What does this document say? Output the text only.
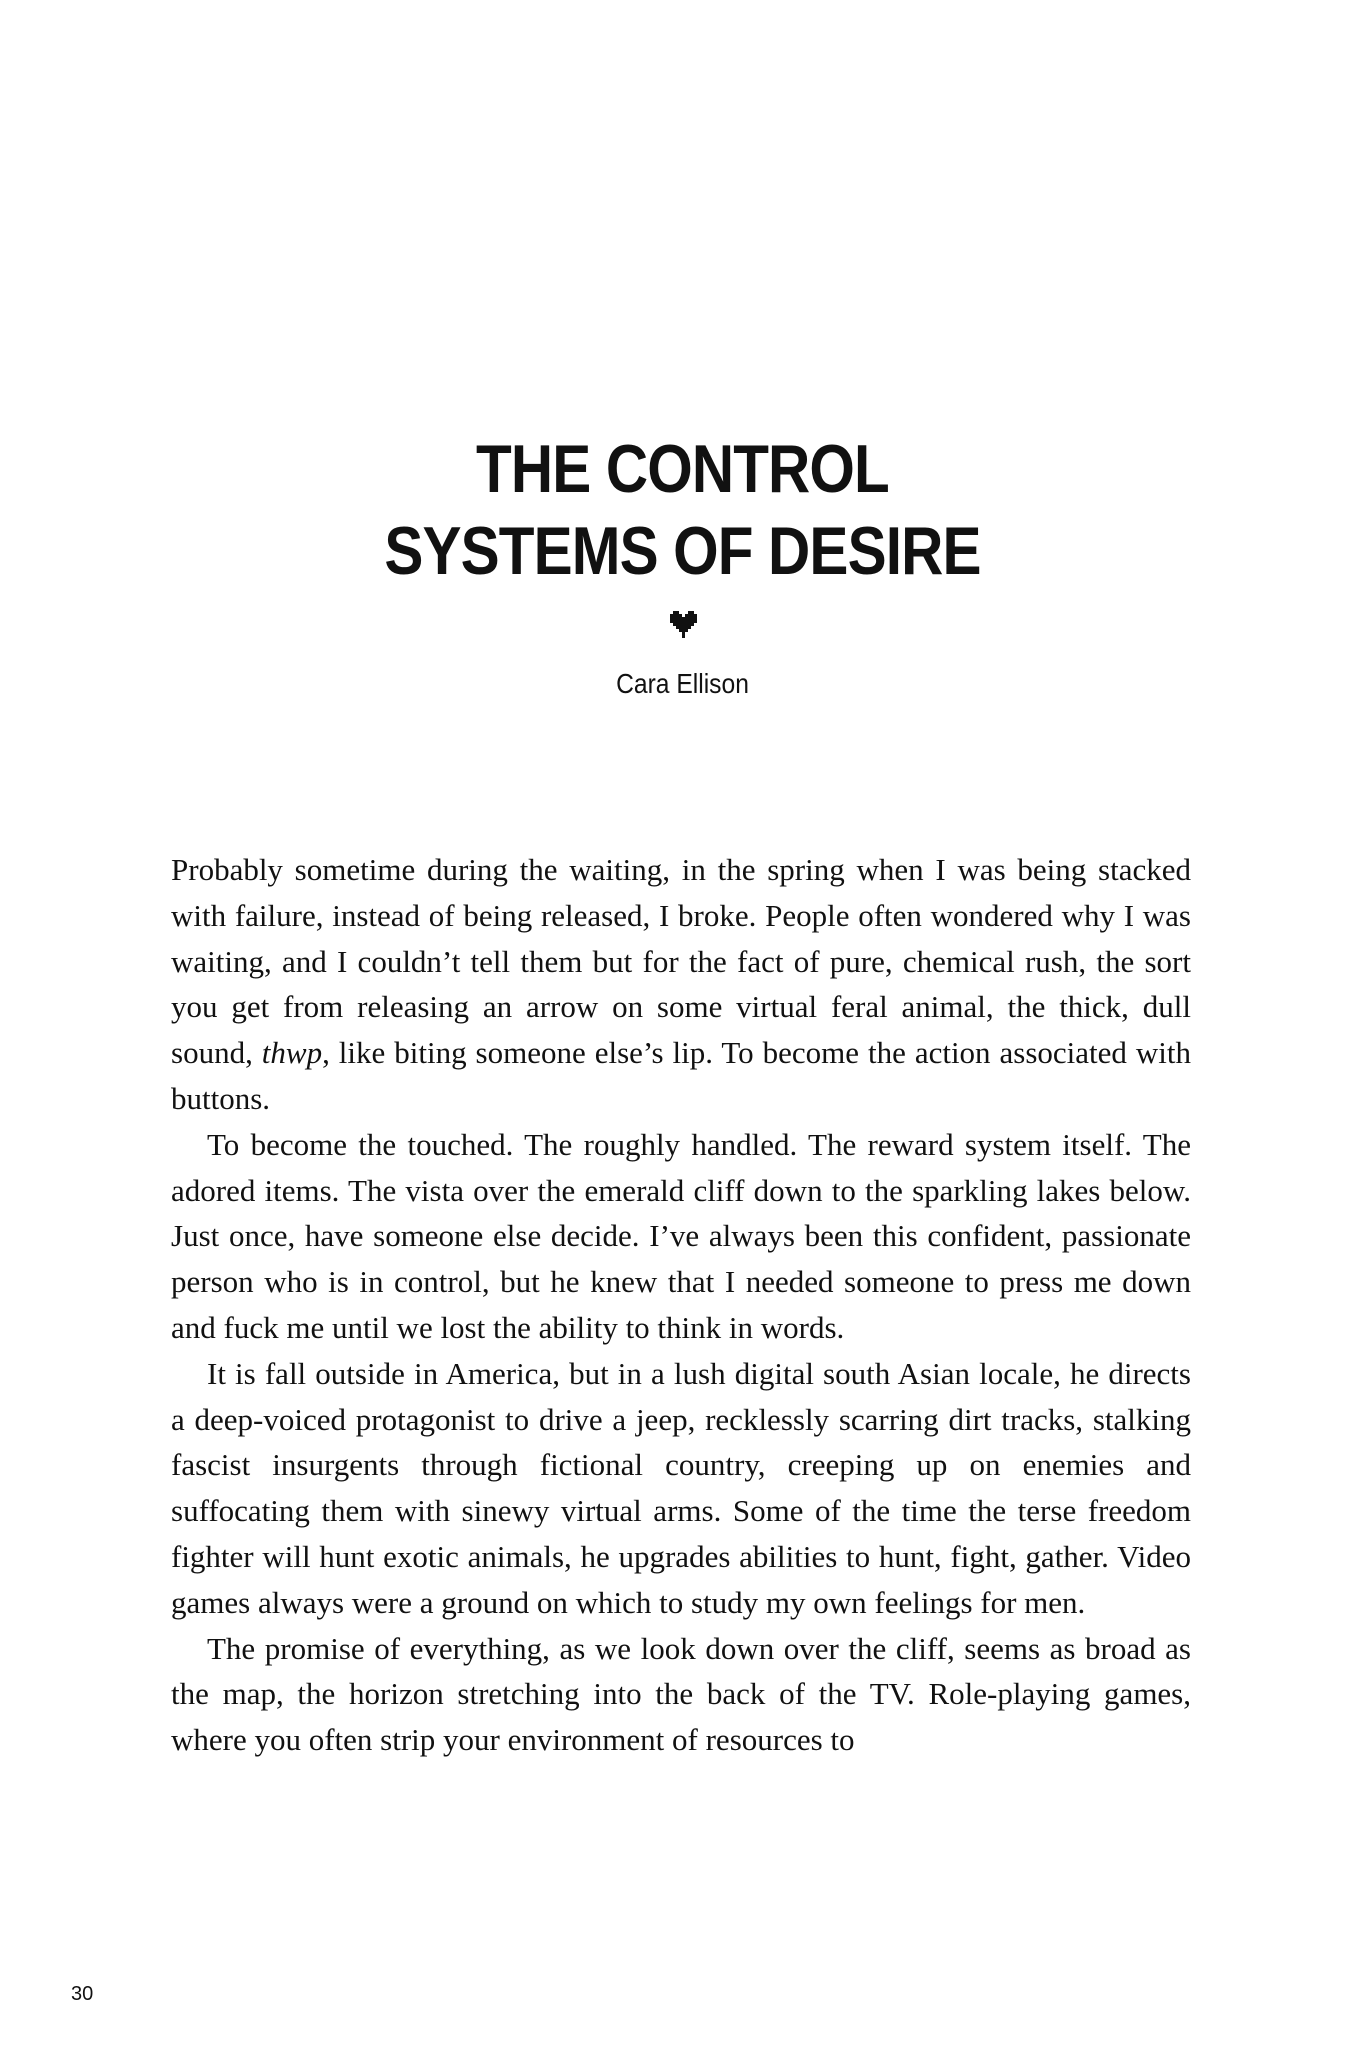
THE CONTROL
SYSTEMS OF DESIRE

Cara Ellison

Probably sometime during the waiting, in the spring when I was being stacked with failure, instead of being released, I broke. People often wondered why I was waiting, and I couldn’t tell them but for the fact of pure, chemical rush, the sort you get from releasing an arrow on some virtual feral animal, the thick, dull sound, thwp, like biting someone else’s lip. To become the action associated with buttons.

To become the touched. The roughly handled. The reward system itself. The adored items. The vista over the emerald cliff down to the sparkling lakes below. Just once, have someone else decide. I’ve always been this confident, passionate person who is in control, but he knew that I needed someone to press me down and fuck me until we lost the ability to think in words.

It is fall outside in America, but in a lush digital south Asian locale, he directs a deep-voiced protagonist to drive a jeep, recklessly scarring dirt tracks, stalking fascist insurgents through fictional country, creeping up on enemies and suffocating them with sinewy virtual arms. Some of the time the terse freedom fighter will hunt exotic animals, he upgrades abilities to hunt, fight, gather. Video games always were a ground on which to study my own feelings for men.

The promise of everything, as we look down over the cliff, seems as broad as the map, the horizon stretching into the back of the TV. Role-playing games, where you often strip your environment of resources to

30
